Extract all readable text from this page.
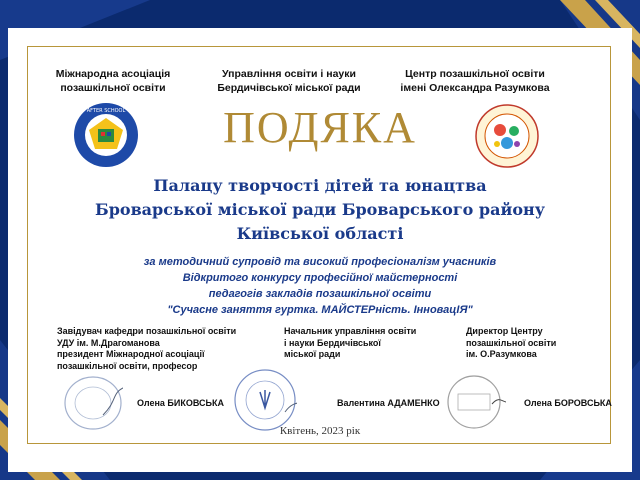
Міжнародна асоціація
позашкільної освіти
Управління освіти і науки
Бердичівської міської ради
Центр позашкільної освіти
імені Олександра Разумкова
AFTER SCHOOL	ПОДЯКА
Палацу творчості дітей та юнацтва
Броварської міської ради Броварського району
Київської області
за методичний супровід та високий професіоналізм учасників
Відкритого конкурсу професійної майстерності
педагогів закладів позашкільної освіти
"Сучасне заняття гуртка. МАЙСТЕРність. ІнновацІЯ"
Завідувач кафедри позашкільної освіти
УДУ ім. М.Драгоманова
президент Міжнародної асоціації
позашкільної освіти, професор
Начальник управління освіти
і науки Бердичівської
міської ради
Директор Центру
позашкільної освіти
ім. О.Разумкова
Олена БИКОВСЬКА	Валентина АДАМЕНКО	Олена БОРОВСЬКА
Квітень, 2023 рік
